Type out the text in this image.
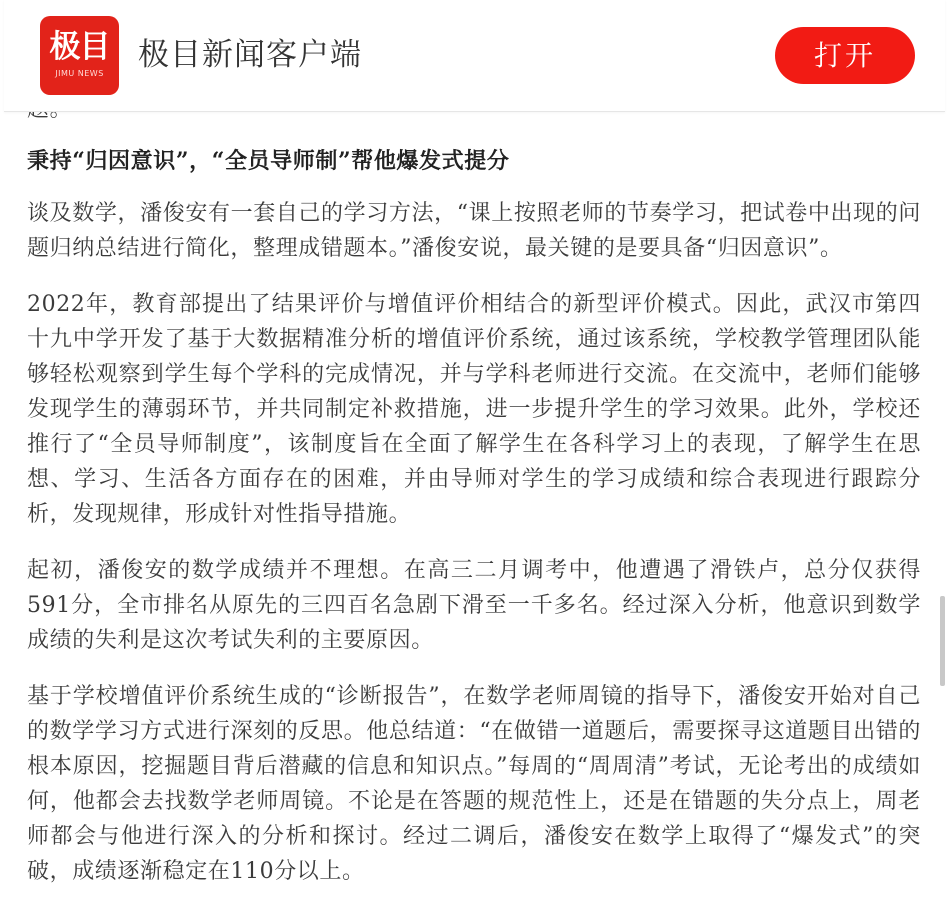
秉持“归因意识”，“全员导师制”帮他爆发式提分

谈及数学，潘俊安有一套自己的学习方法，“课上按照老师的节奏学习，把试卷中出现的问题归纳总结进行简化，整理成错题本。”潘俊安说，最关键的是要具备“归因意识”。

2022年，教育部提出了结果评价与增值评价相结合的新型评价模式。因此，武汉市第四十九中学开发了基于大数据精准分析的增值评价系统，通过该系统，学校教学管理团队能够轻松观察到学生每个学科的完成情况，并与学科老师进行交流。在交流中，老师们能够发现学生的薄弱环节，并共同制定补救措施，进一步提升学生的学习效果。此外，学校还推行了“全员导师制度”，该制度旨在全面了解学生在各科学习上的表现，了解学生在思想、学习、生活各方面存在的困难，并由导师对学生的学习成绩和综合表现进行跟踪分析，发现规律，形成针对性指导措施。

起初，潘俊安的数学成绩并不理想。在高三二月调考中，他遭遇了滑铁卢，总分仅获得591分，全市排名从原先的三四百名急剧下滑至一千多名。经过深入分析，他意识到数学成绩的失利是这次考试失利的主要原因。

基于学校增值评价系统生成的“诊断报告”，在数学老师周镜的指导下，潘俊安开始对自己的数学学习方式进行深刻的反思。他总结道：“在做错一道题后，需要探寻这道题目出错的根本原因，挖掘题目背后潜藏的信息和知识点。”每周的“周周清”考试，无论考出的成绩如何，他都会去找数学老师周镜。不论是在答题的规范性上，还是在错题的失分点上，周老师都会与他进行深入的分析和探讨。经过二调后，潘俊安在数学上取得了“爆发式”的突破，成绩逐渐稳定在110分以上。

极目
JIMU NEWS
极目新闻客户端	打开
